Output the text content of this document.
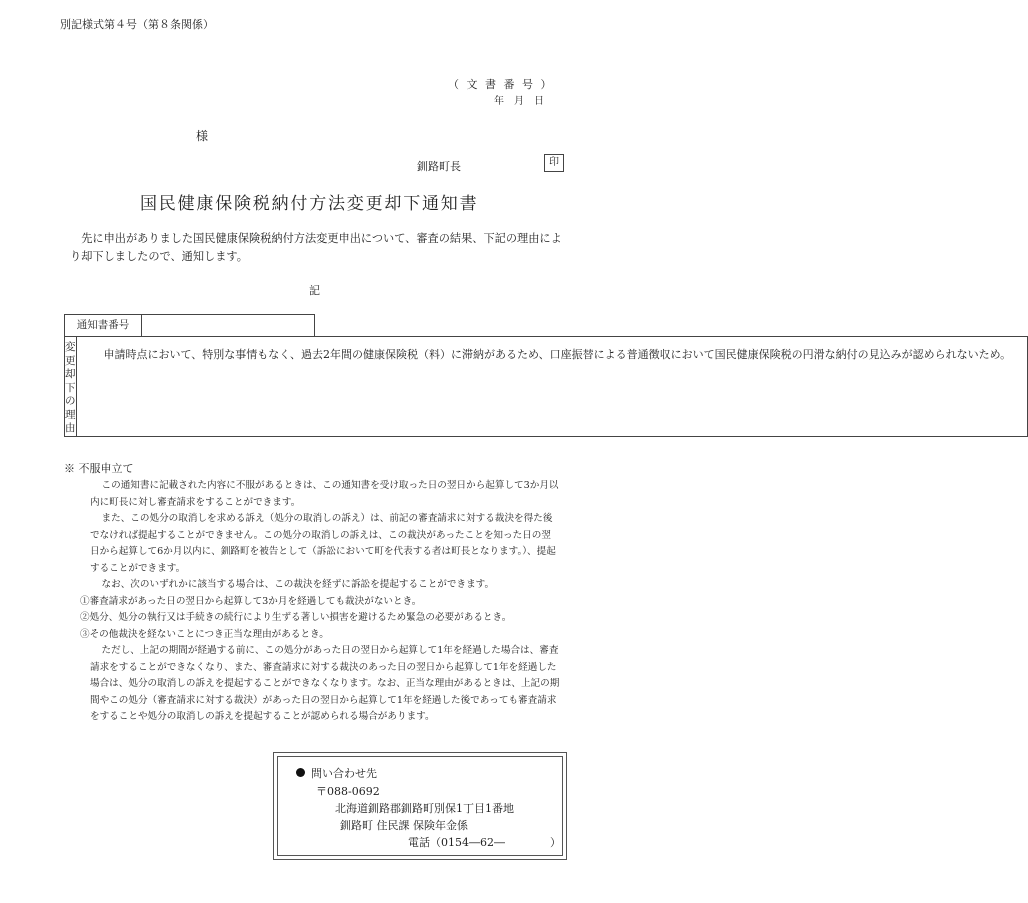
別記様式第４号（第８条関係）
（ 文 書 番 号 ）
年　月　日
様
釧路町長	印
国民健康保険税納付方法変更却下通知書
先に申出がありました国民健康保険税納付方法変更申出について、審査の結果、下記の理由により却下しましたので、通知します。
記
通知書番号	
変
更
却
下
の
理
由
	申請時点において、特別な事情もなく、過去2年間の健康保険税（料）に滞納があるため、口座振替による普通徴収において国民健康保険税の円滑な納付の見込みが認められないため。
※ 不服申立て

この通知書に記載された内容に不服があるときは、この通知書を受け取った日の翌日から起算して3か月以内に町長に対し審査請求をすることができます。

また、この処分の取消しを求める訴え（処分の取消しの訴え）は、前記の審査請求に対する裁決を得た後でなければ提起することができません。この処分の取消しの訴えは、この裁決があったことを知った日の翌日から起算して6か月以内に、釧路町を被告として（訴訟において町を代表する者は町長となります。）、提起することができます。

なお、次のいずれかに該当する場合は、この裁決を経ずに訴訟を提起することができます。

①審査請求があった日の翌日から起算して3か月を経過しても裁決がないとき。

②処分、処分の執行又は手続きの続行により生ずる著しい損害を避けるため緊急の必要があるとき。

③その他裁決を経ないことにつき正当な理由があるとき。

ただし、上記の期間が経過する前に、この処分があった日の翌日から起算して1年を経過した場合は、審査請求をすることができなくなり、また、審査請求に対する裁決のあった日の翌日から起算して1年を経過した場合は、処分の取消しの訴えを提起することができなくなります。なお、正当な理由があるときは、上記の期間やこの処分（審査請求に対する裁決）があった日の翌日から起算して1年を経過した後であっても審査請求をすることや処分の取消しの訴えを提起することが認められる場合があります。

問い合わせ先
〒088-0692
北海道釧路郡釧路町別保1丁目1番地
釧路町 住民課 保険年金係
電話（0154―62―	）
